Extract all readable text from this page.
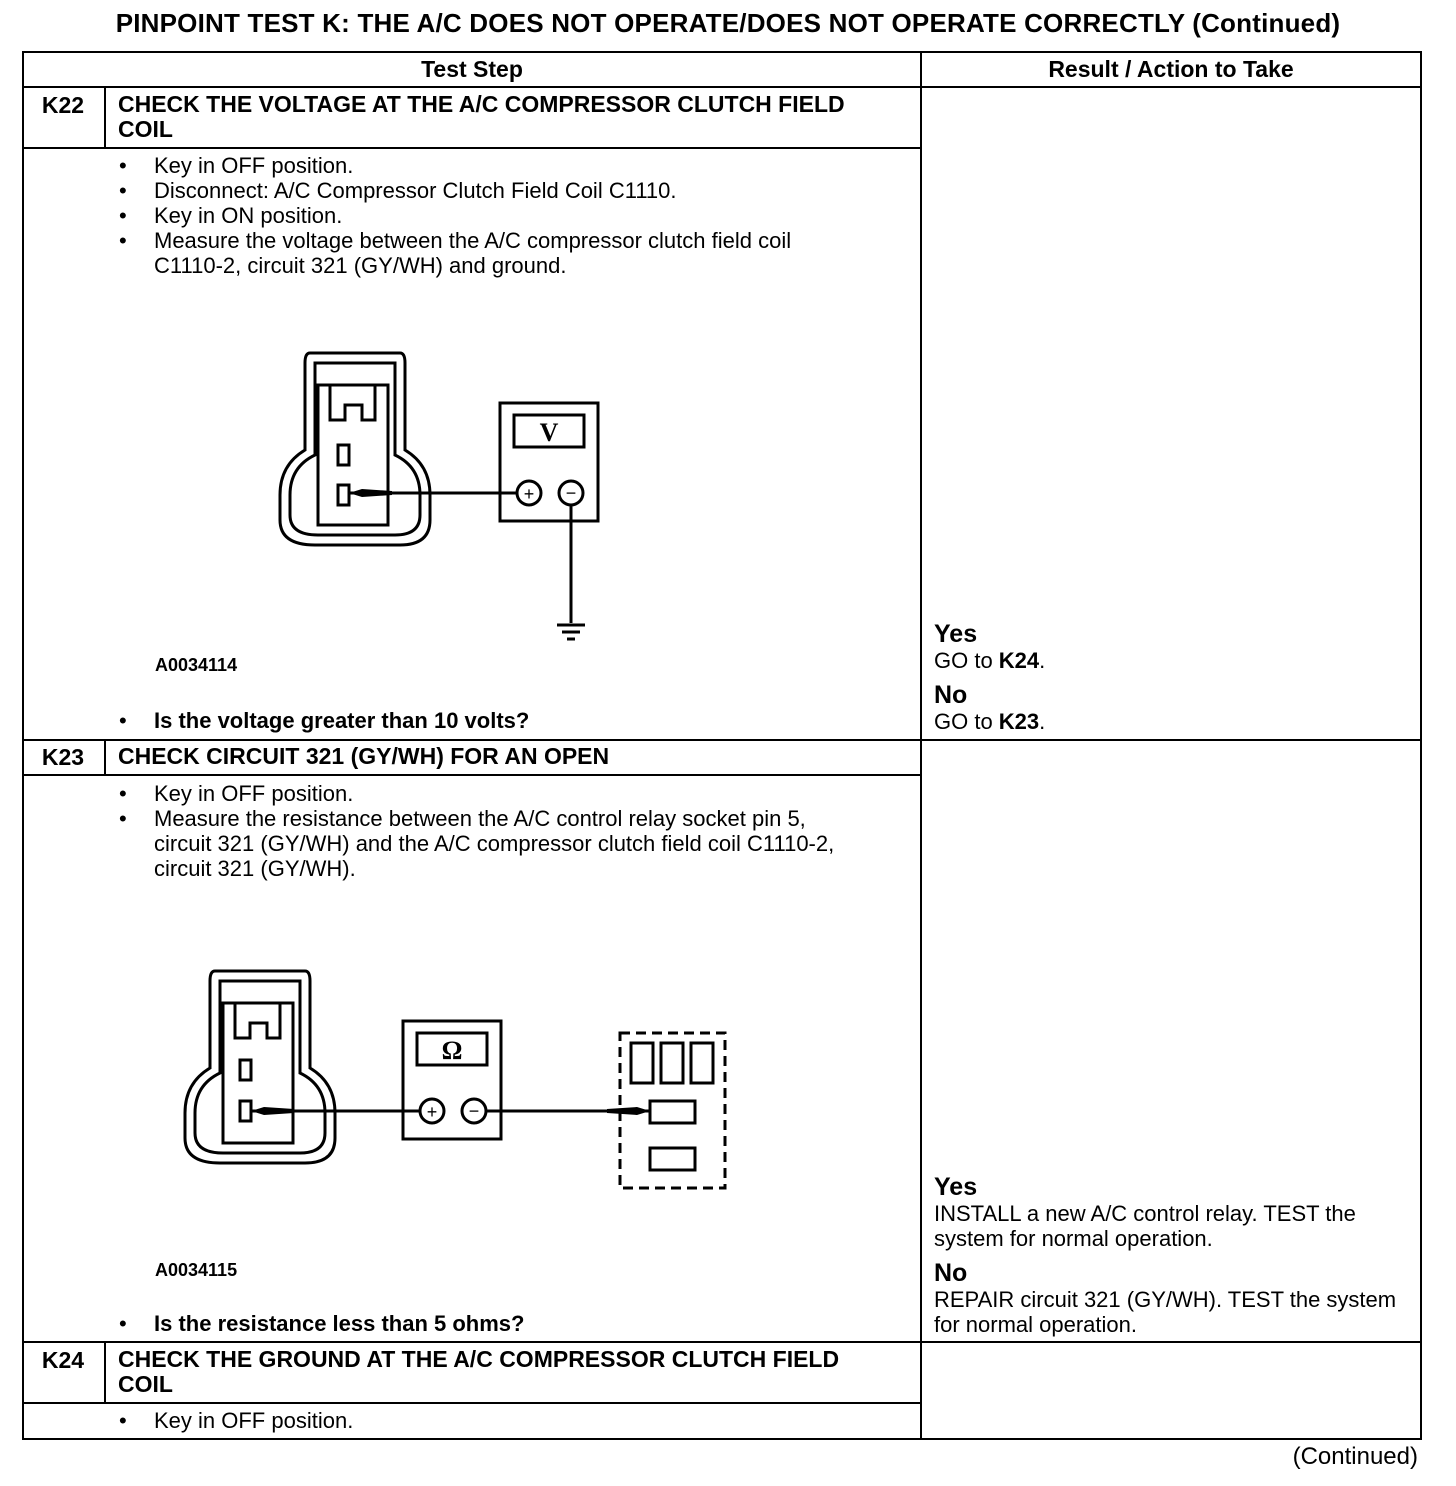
PINPOINT TEST K: THE A/C DOES NOT OPERATE/DOES NOT OPERATE CORRECTLY (Continued)
Test Step	Result / Action to Take
K22	CHECK THE VOLTAGE AT THE A/C COMPRESSOR CLUTCH FIELD COIL
• Key in OFF position.
• Disconnect: A/C Compressor Clutch Field Coil C1110.
• Key in ON position.
• Measure the voltage between the A/C compressor clutch field coil C1110-2, circuit 321 (GY/WH) and ground.
V
+ −
A0034114
• Is the voltage greater than 10 volts?
Yes
GO to K24.
No
GO to K23.
K23	CHECK CIRCUIT 321 (GY/WH) FOR AN OPEN
• Key in OFF position.
• Measure the resistance between the A/C control relay socket pin 5, circuit 321 (GY/WH) and the A/C compressor clutch field coil C1110-2, circuit 321 (GY/WH).
Ω
+ −
A0034115
• Is the resistance less than 5 ohms?
Yes
INSTALL a new A/C control relay. TEST the system for normal operation.
No
REPAIR circuit 321 (GY/WH). TEST the system for normal operation.
K24	CHECK THE GROUND AT THE A/C COMPRESSOR CLUTCH FIELD COIL
• Key in OFF position.
(Continued)
